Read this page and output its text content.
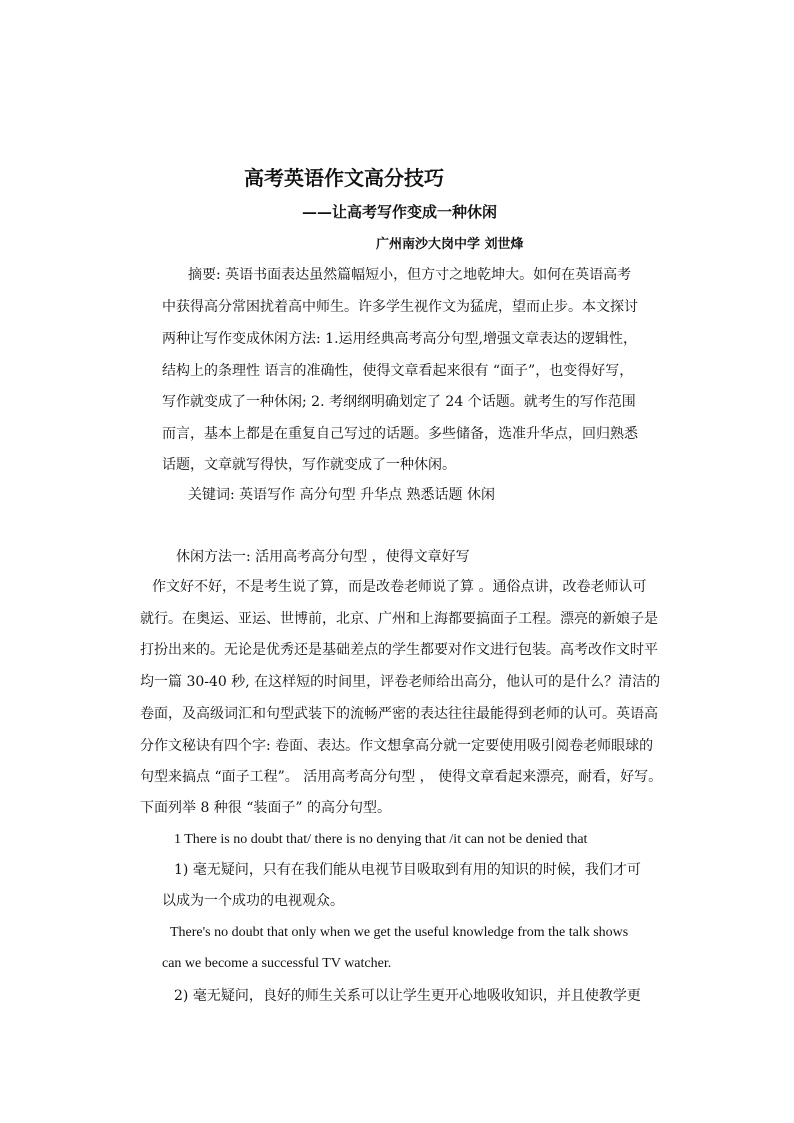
高考英语作文高分技巧
——让高考写作变成一种休闲
广州南沙大岗中学 刘世烽
摘要: 英语书面表达虽然篇幅短小，但方寸之地乾坤大。如何在英语高考
中获得高分常困扰着高中师生。许多学生视作文为猛虎，望而止步。本文探讨
两种让写作变成休闲方法: 1.运用经典高考高分句型,增强文章表达的逻辑性，
结构上的条理性 语言的准确性，使得文章看起来很有 “面子”，也变得好写，
写作就变成了一种休闲; 2. 考纲纲明确划定了 24 个话题。就考生的写作范围
而言，基本上都是在重复自己写过的话题。多些储备，选准升华点，回归熟悉
话题，文章就写得快，写作就变成了一种休闲。
关键词: 英语写作 高分句型 升华点 熟悉话题 休闲
休闲方法一: 活用高考高分句型 ，使得文章好写
作文好不好，不是考生说了算，而是改卷老师说了算 。通俗点讲，改卷老师认可
就行。在奥运、亚运、世博前，北京、广州和上海都要搞面子工程。漂亮的新娘子是
打扮出来的。无论是优秀还是基础差点的学生都要对作文进行包装。高考改作文时平
均一篇 30-40 秒, 在这样短的时间里，评卷老师给出高分，他认可的是什么？清洁的
卷面，及高级词汇和句型武装下的流畅严密的表达往往最能得到老师的认可。英语高
分作文秘诀有四个字: 卷面、表达。作文想拿高分就一定要使用吸引阅卷老师眼球的
句型来搞点 “面子工程”。 活用高考高分句型 ， 使得文章看起来漂亮，耐看，好写。
下面列举 8 种很 “装面子” 的高分句型。
1 There is no doubt that/ there is no denying that /it can not be denied that
1) 毫无疑问，只有在我们能从电视节目吸取到有用的知识的时候，我们才可
以成为一个成功的电视观众。
There's no doubt that only when we get the useful knowledge from the talk shows
can we become a successful TV watcher.
2) 毫无疑问，良好的师生关系可以让学生更开心地吸收知识，并且使教学更
